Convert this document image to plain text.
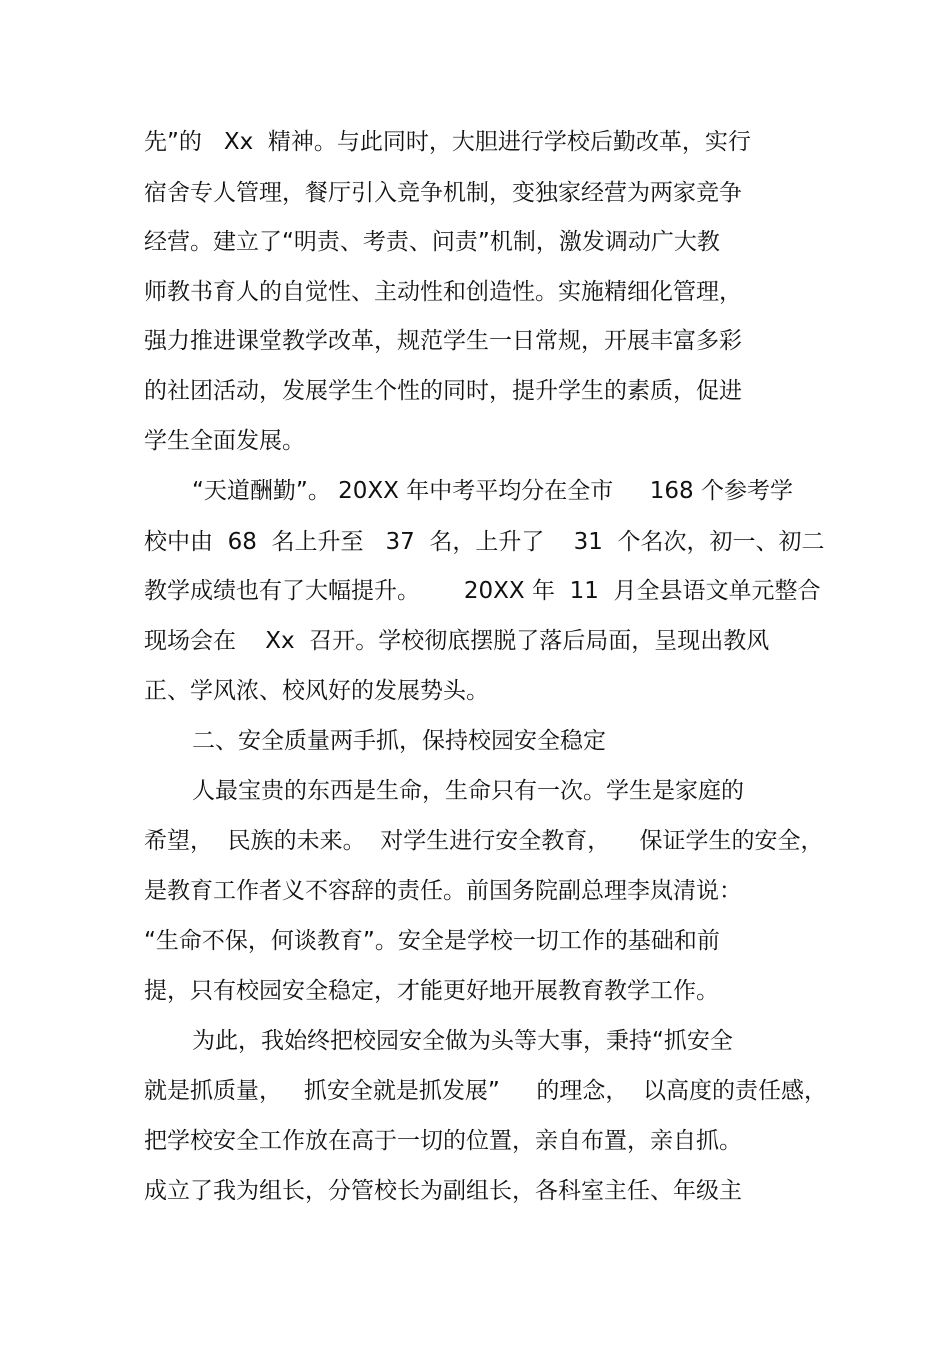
先”的   Xx  精神。与此同时，大胆进行学校后勤改革，实行
宿舍专人管理，餐厅引入竞争机制，变独家经营为两家竞争
经营。建立了“明责、考责、问责”机制，激发调动广大教
师教书育人的自觉性、主动性和创造性。实施精细化管理，
强力推进课堂教学改革，规范学生一日常规，开展丰富多彩
的社团活动，发展学生个性的同时，提升学生的素质，促进
学生全面发展。
“天道酬勤”。 20XX 年中考平均分在全市     168 个参考学
校中由  68  名上升至   37  名，上升了    31  个名次，初一、初二
教学成绩也有了大幅提升。      20XX 年  11  月全县语文单元整合
现场会在    Xx  召开。学校彻底摆脱了落后局面，呈现出教风
正、学风浓、校风好的发展势头。
二、安全质量两手抓，保持校园安全稳定
人最宝贵的东西是生命，生命只有一次。学生是家庭的
希望，  民族的未来。  对学生进行安全教育，    保证学生的安全，
是教育工作者义不容辞的责任。前国务院副总理李岚清说：
“生命不保，何谈教育”。安全是学校一切工作的基础和前
提，只有校园安全稳定，才能更好地开展教育教学工作。
为此，我始终把校园安全做为头等大事，秉持“抓安全
就是抓质量，   抓安全就是抓发展”     的理念，  以高度的责任感，
把学校安全工作放在高于一切的位置，亲自布置，亲自抓。
成立了我为组长，分管校长为副组长，各科室主任、年级主
